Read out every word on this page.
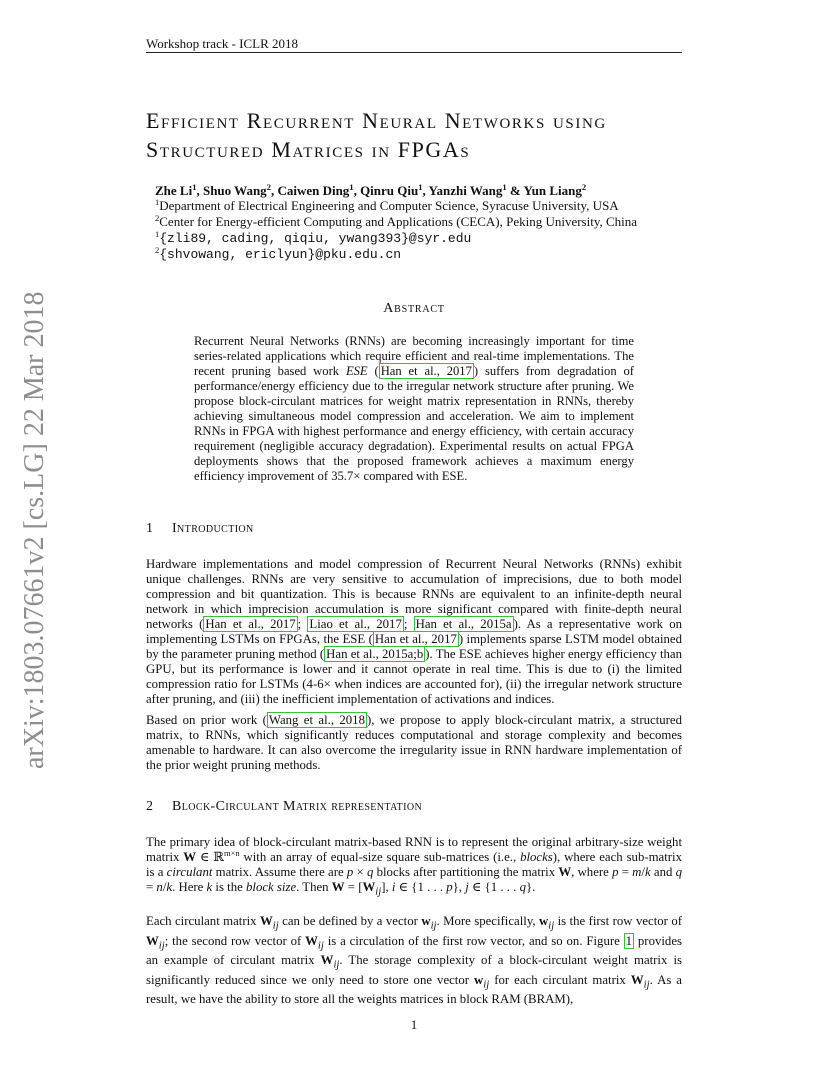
Workshop track - ICLR 2018
arXiv:1803.07661v2 [cs.LG] 22 Mar 2018
Efficient Recurrent Neural Networks using
Structured Matrices in FPGAs
Zhe Li$^1$, Shuo Wang$^2$, Caiwen Ding$^1$, Qinru Qiu$^1$, Yanzhi Wang$^1$ & Yun Liang$^2$
$^1$Department of Electrical Engineering and Computer Science, Syracuse University, USA
$^2$Center for Energy-efficient Computing and Applications (CECA), Peking University, China
$^1${zli89, cading, qiqiu, ywang393}@syr.edu
$^2${shvowang, ericlyun}@pku.edu.cn
Abstract
Recurrent Neural Networks (RNNs) are becoming increasingly important for time series-related applications which require efficient and real-time implementations. The recent pruning based work ESE ( Han et al., 2017 ) suffers from degradation of performance/energy efficiency due to the irregular network structure after pruning. We propose block-circulant matrices for weight matrix representation in RNNs, thereby achieving simultaneous model compression and acceleration. We aim to implement RNNs in FPGA with highest performance and energy efficiency, with certain accuracy requirement (negligible accuracy degradation). Experimental results on actual FPGA deployments shows that the proposed framework achieves a maximum energy efficiency improvement of 35.7× compared with ESE.
1 Introduction
Hardware implementations and model compression of Recurrent Neural Networks (RNNs) exhibit unique challenges. RNNs are very sensitive to accumulation of imprecisions, due to both model compression and bit quantization. This is because RNNs are equivalent to an infinite-depth neural network in which imprecision accumulation is more significant compared with finite-depth neural networks ( Han et al., 2017 ; Liao et al., 2017 ; Han et al., 2015a ). As a representative work on implementing LSTMs on FPGAs, the ESE ( Han et al., 2017 ) implements sparse LSTM model obtained by the parameter pruning method ( Han et al., 2015a;b ). The ESE achieves higher energy efficiency than GPU, but its performance is lower and it cannot operate in real time. This is due to (i) the limited compression ratio for LSTMs (4-6× when indices are accounted for), (ii) the irregular network structure after pruning, and (iii) the inefficient implementation of activations and indices.
Based on prior work ( Wang et al., 2018 ), we propose to apply block-circulant matrix, a structured matrix, to RNNs, which significantly reduces computational and storage complexity and becomes amenable to hardware. It can also overcome the irregularity issue in RNN hardware implementation of the prior weight pruning methods.
2 Block-Circulant Matrix representation
The primary idea of block-circulant matrix-based RNN is to represent the original arbitrary-size weight matrix W ∈ ℝ$^{m\times n}$ with an array of equal-size square sub-matrices (i.e., blocks), where each sub-matrix is a circulant matrix. Assume there are p × q blocks after partitioning the matrix W, where p = m/k and q = n/k. Here k is the block size. Then $W = [W_{ij}]$, i ∈ {1 . . . p}, j ∈ {1 . . . q}.
Each circulant matrix $W_{ij}$ can be defined by a vector $w_{ij}$. More specifically, $w_{ij}$ is the first row vector of $W_{ij}$; the second row vector of $W_{ij}$ is a circulation of the first row vector, and so on. Figure 1 provides an example of circulant matrix $W_{ij}$. The storage complexity of a block-circulant weight matrix is significantly reduced since we only need to store one vector $w_{ij}$ for each circulant matrix $W_{ij}$. As a result, we have the ability to store all the weights matrices in block RAM (BRAM),
1
